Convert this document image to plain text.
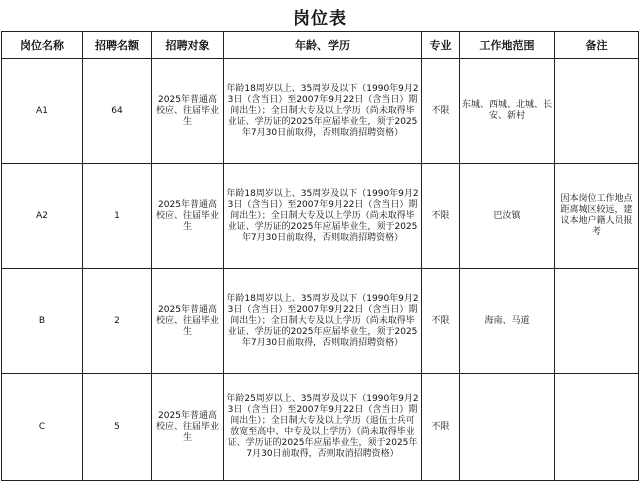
岗位表
岗位名称	招聘名额	招聘对象	年龄、学历	专业	工作地范围	备注
A1	64	2025年普通高校应、往届毕业生	年龄18周岁以上、35周岁及以下（1990年9月23日（含当日）至2007年9月22日（含当日）期间出生）；全日制大专及以上学历（尚未取得毕业证、学历证的2025年应届毕业生，须于2025年7月30日前取得，否则取消招聘资格）	不限	东城、西城、北城、长安、新村	
A2	1	2025年普通高校应、往届毕业生	年龄18周岁以上、35周岁及以下（1990年9月23日（含当日）至2007年9月22日（含当日）期间出生）；全日制大专及以上学历（尚未取得毕业证、学历证的2025年应届毕业生，须于2025年7月30日前取得，否则取消招聘资格）	不限	巴汝镇	因本岗位工作地点距离城区较远，建议本地户籍人员报考
B	2	2025年普通高校应、往届毕业生	年龄18周岁以上、35周岁及以下（1990年9月23日（含当日）至2007年9月22日（含当日）期间出生）；全日制大专及以上学历（尚未取得毕业证、学历证的2025年应届毕业生，须于2025年7月30日前取得，否则取消招聘资格）	不限	海南、马道	
C	5	2025年普通高校应、往届毕业生	年龄25周岁以上、35周岁及以下（1990年9月23日（含当日）至2007年9月22日（含当日）期间出生）；全日制大专及以上学历（退伍士兵可放宽至高中、中专及以上学历）（尚未取得毕业证、学历证的2025年应届毕业生，须于2025年7月30日前取得，否则取消招聘资格）	不限		
